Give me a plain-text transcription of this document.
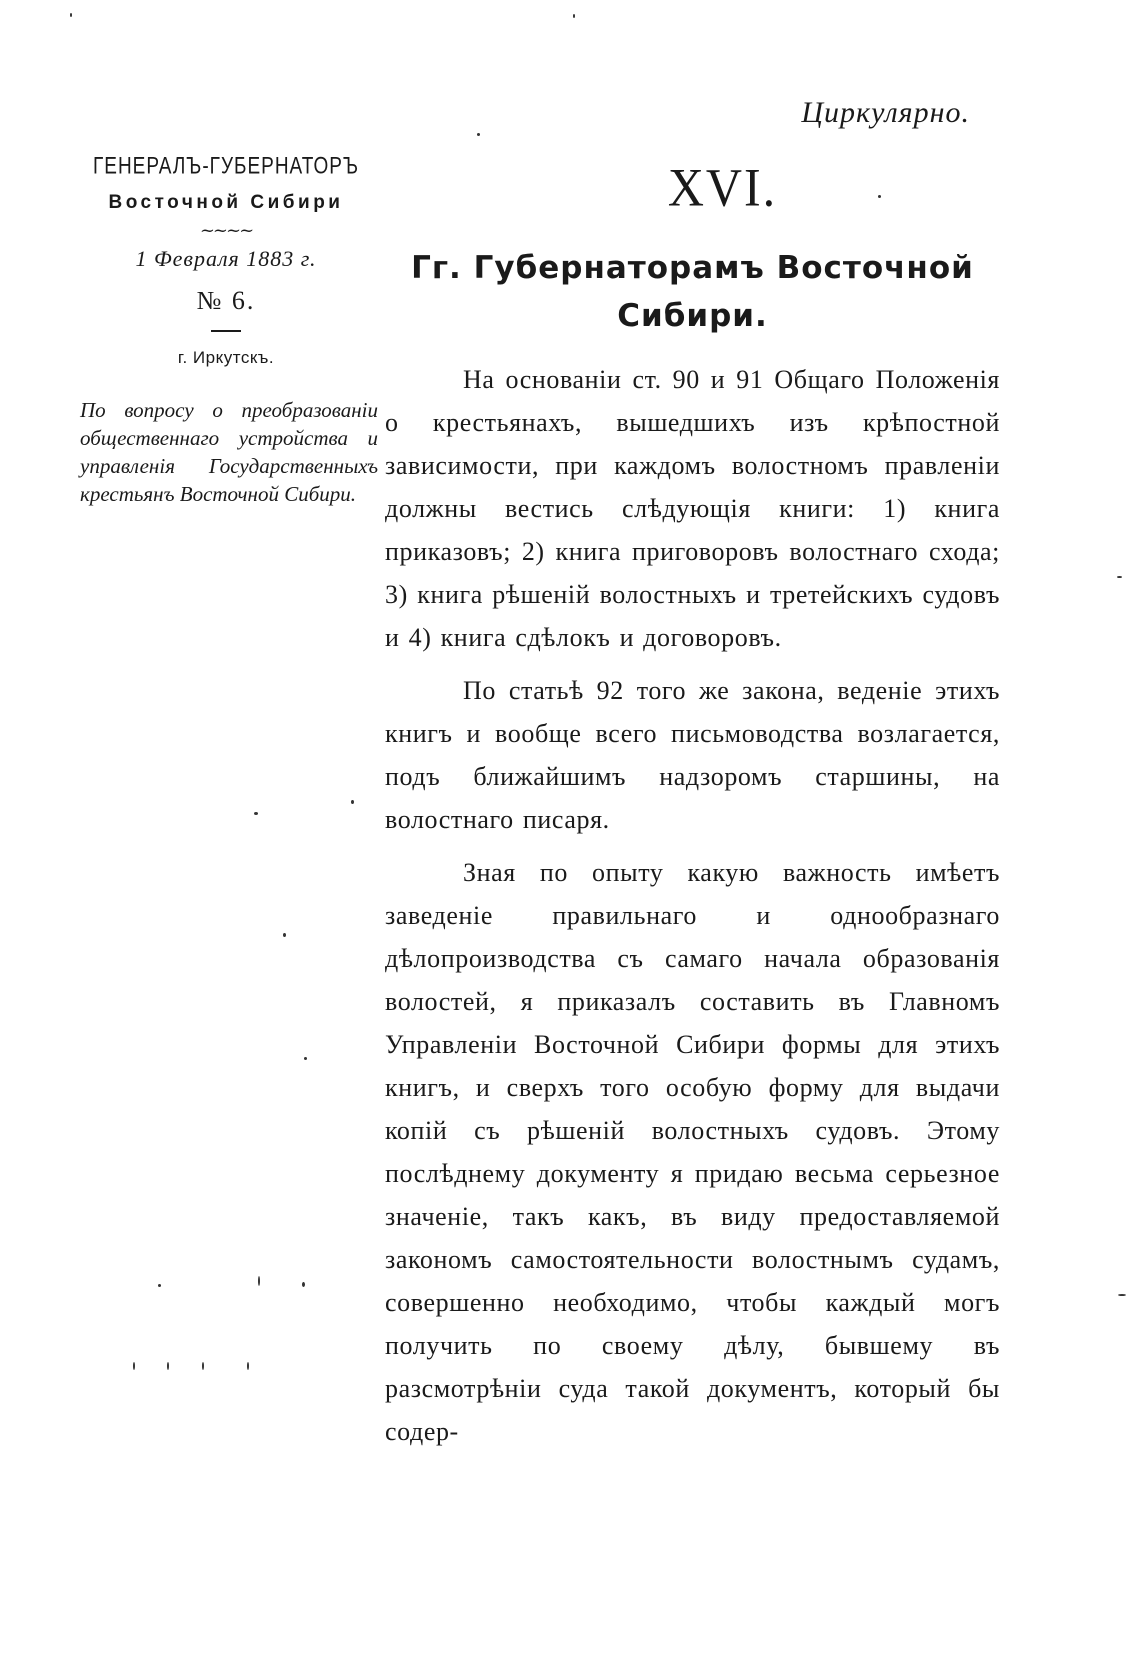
Циркулярно.
ГЕНЕРАЛЪ-ГУБЕРНАТОРЪ
Восточной Сибири
~~~~
1 Февраля 1883 г.
№ 6.
г. Иркутскъ.
По вопросу о преобразованіи общественнаго устройства и управленія Государственныхъ крестьянъ Восточной Сибири.
XVI.
Гг. Губернаторамъ Восточной Сибири.

На основаніи ст. 90 и 91 Общаго Положенія о крестьянахъ, вышедшихъ изъ крѣпостной зависимости, при каждомъ волостномъ правленіи должны вестись слѣдующія книги: 1) книга приказовъ; 2) книга приговоровъ волостнаго схода; 3) книга рѣшеній волостныхъ и третейскихъ судовъ и 4) книга сдѣлокъ и договоровъ.

По статьѣ 92 того же закона, веденіе этихъ книгъ и вообще всего письмоводства возлагается, подъ ближайшимъ надзоромъ старшины, на волостнаго писаря.

Зная по опыту какую важность имѣетъ заведеніе правильнаго и однообразнаго дѣлопроизводства съ самаго начала образованія волостей, я приказалъ составить въ Главномъ Управленіи Восточной Сибири формы для этихъ книгъ, и сверхъ того особую форму для выдачи копій съ рѣшеній волостныхъ судовъ. Этому послѣднему документу я придаю весьма серьезное значеніе, такъ какъ, въ виду предоставляемой закономъ самостоятельности волостнымъ судамъ, совершенно необходимо, чтобы каждый могъ получить по своему дѣлу, бывшему въ разсмотрѣніи суда такой документъ, который бы содер-
